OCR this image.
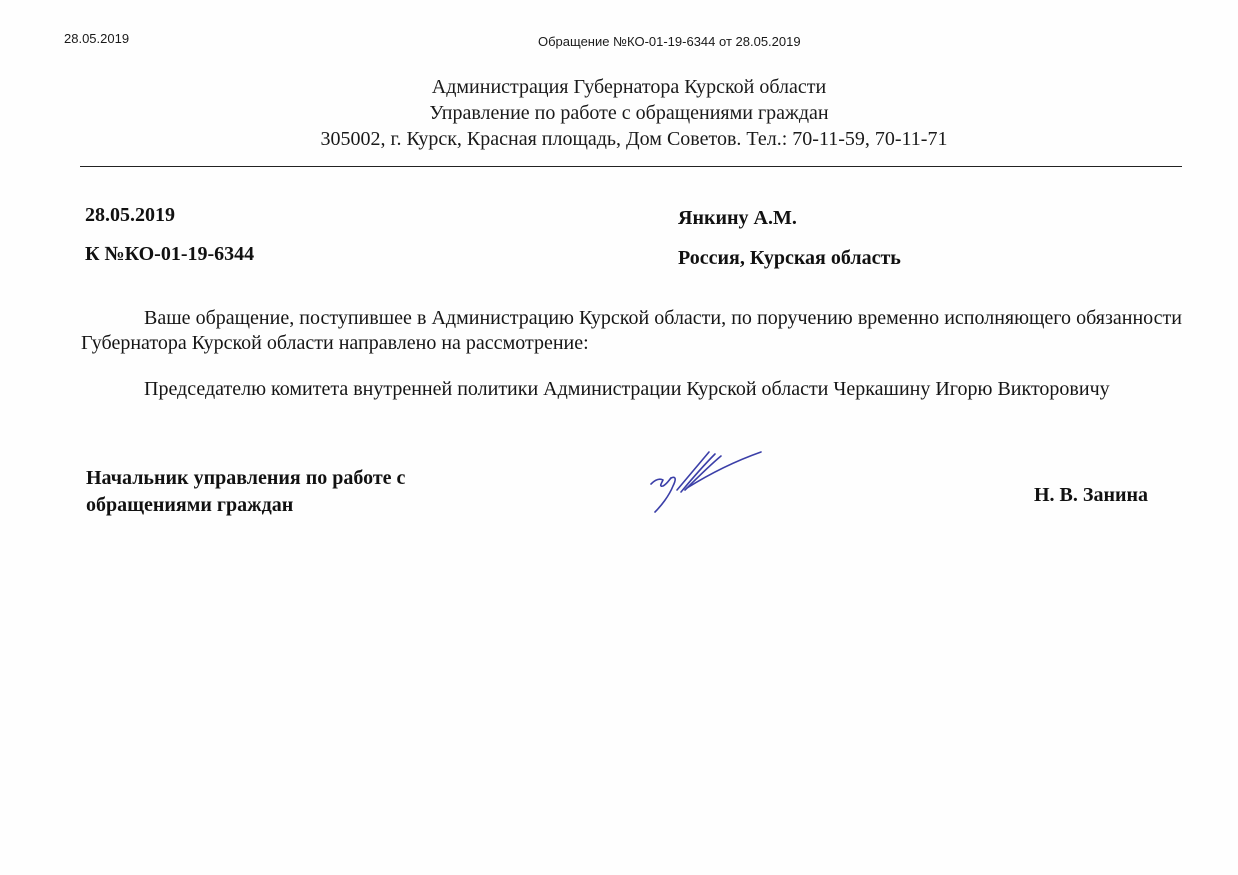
28.05.2019	Обращение №КО-01-19-6344 от 28.05.2019
Администрация Губернатора Курской области
Управление по работе с обращениями граждан
305002, г. Курск, Красная площадь, Дом Советов. Тел.: 70-11-59, 70-11-71
28.05.2019
К №КО-01-19-6344
Янкину А.М.
Россия, Курская область
Ваше обращение, поступившее в Администрацию Курской области, по поручению временно исполняющего обязанности Губернатора Курской области направлено на рассмотрение:
Председателю комитета внутренней политики Администрации Курской области Черкашину Игорю Викторовичу
Начальник управления по работе с обращениями граждан	Н. В. Занина
